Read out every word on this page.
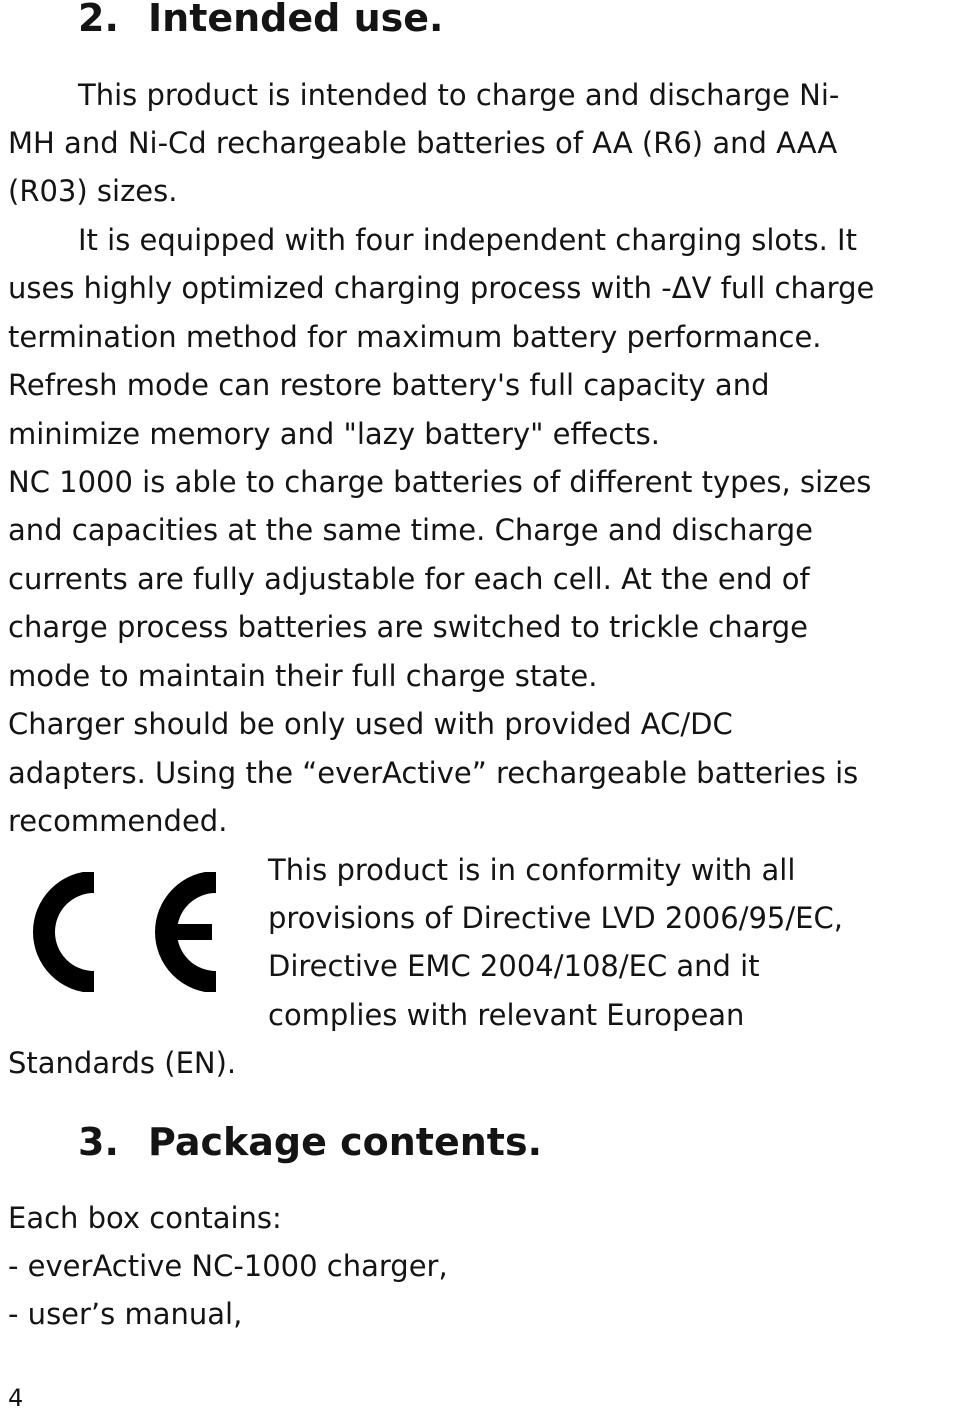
2. Intended use.
This product is intended to charge and discharge Ni-
MH and Ni-Cd rechargeable batteries of AA (R6) and AAA
(R03) sizes.
It is equipped with four independent charging slots. It
uses highly optimized charging process with -ΔV full charge
termination method for maximum battery performance.
Refresh mode can restore battery's full capacity and
minimize memory and "lazy battery" effects.
NC 1000 is able to charge batteries of different types, sizes
and capacities at the same time. Charge and discharge
currents are fully adjustable for each cell. At the end of
charge process batteries are switched to trickle charge
mode to maintain their full charge state.
Charger should be only used with provided AC/DC
adapters. Using the “everActive” rechargeable batteries is
recommended.
This product is in conformity with all
provisions of Directive LVD 2006/95/EC,
Directive EMC 2004/108/EC and it
complies with relevant European
Standards (EN).
3. Package contents.
Each box contains:
- everActive NC-1000 charger,
- user’s manual,
4
